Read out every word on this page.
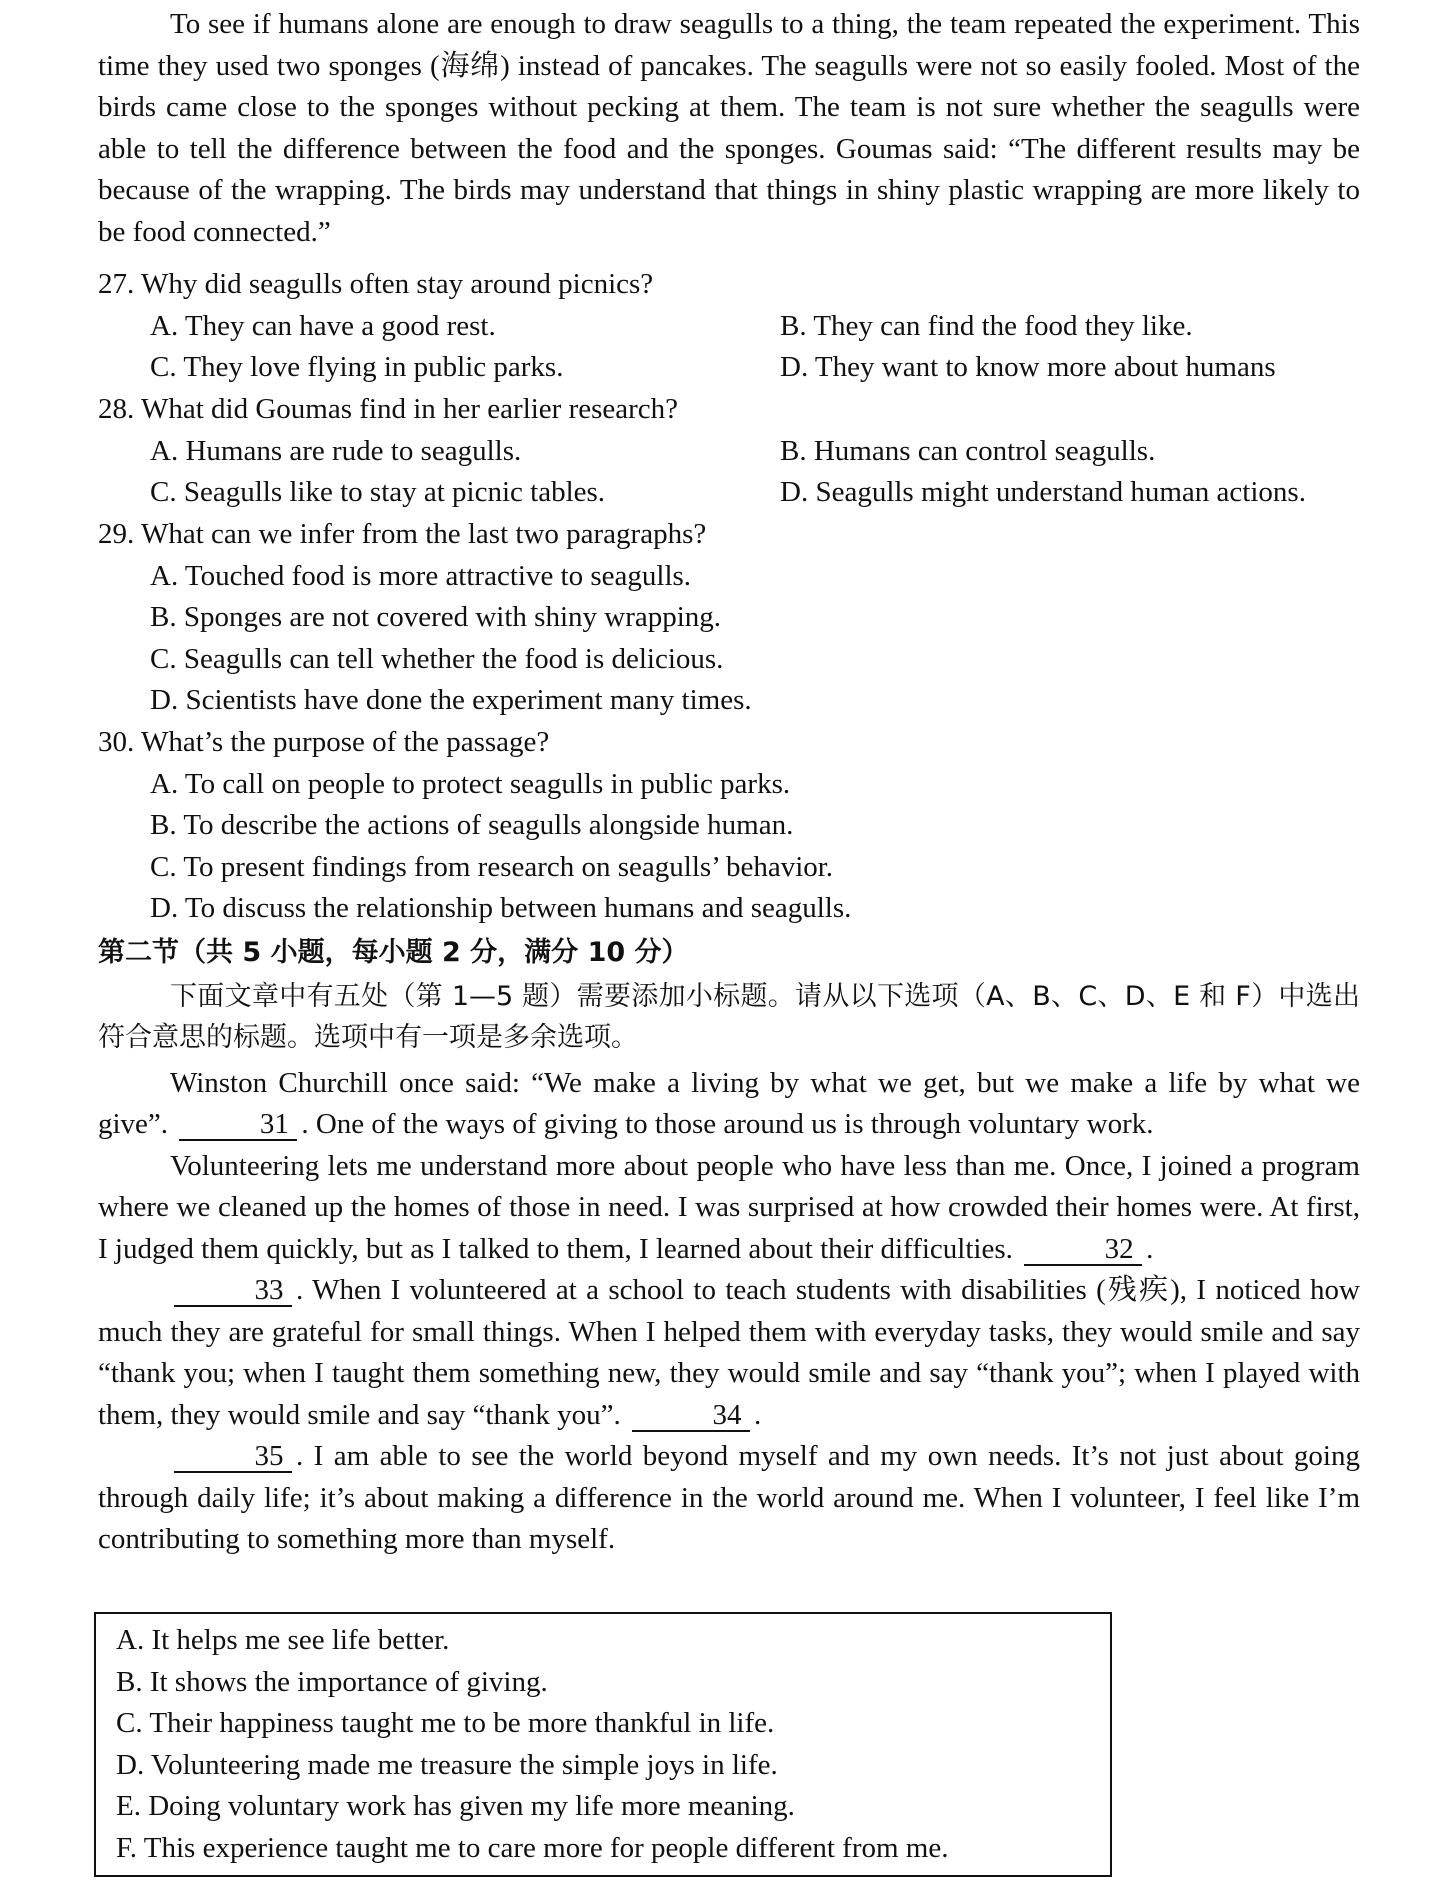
To see if humans alone are enough to draw seagulls to a thing, the team repeated the experiment. This time they used two sponges (海绵) instead of pancakes. The seagulls were not so easily fooled. Most of the birds came close to the sponges without pecking at them. The team is not sure whether the seagulls were able to tell the difference between the food and the sponges. Goumas said: “The different results may be because of the wrapping. The birds may understand that things in shiny plastic wrapping are more likely to be food connected.”

27. Why did seagulls often stay around picnics?
A. They can have a good rest.	B. They can find the food they like.
C. They love flying in public parks.	D. They want to know more about humans
28. What did Goumas find in her earlier research?
A. Humans are rude to seagulls.	B. Humans can control seagulls.
C. Seagulls like to stay at picnic tables.	D. Seagulls might understand human actions.
29. What can we infer from the last two paragraphs?
A. Touched food is more attractive to seagulls.
B. Sponges are not covered with shiny wrapping.
C. Seagulls can tell whether the food is delicious.
D. Scientists have done the experiment many times.
30. What’s the purpose of the passage?
A. To call on people to protect seagulls in public parks.
B. To describe the actions of seagulls alongside human.
C. To present findings from research on seagulls’ behavior.
D. To discuss the relationship between humans and seagulls.
第二节（共 5 小题，每小题 2 分，满分 10 分）

下面文章中有五处（第 1—5 题）需要添加小标题。请从以下选项（A、B、C、D、E 和 F）中选出符合意思的标题。选项中有一项是多余选项。

Winston Churchill once said: “We make a living by what we get, but we make a life by what we give”.	31 . One of the ways of giving to those around us is through voluntary work.

Volunteering lets me understand more about people who have less than me. Once, I joined a program where we cleaned up the homes of those in need. I was surprised at how crowded their homes were. At first, I judged them quickly, but as I talked to them, I learned about their difficulties.	32 .

33 . When I volunteered at a school to teach students with disabilities (残疾), I noticed how much they are grateful for small things. When I helped them with everyday tasks, they would smile and say “thank you; when I taught them something new, they would smile and say “thank you”; when I played with them, they would smile and say “thank you”.	34 .

35 . I am able to see the world beyond myself and my own needs. It’s not just about going through daily life; it’s about making a difference in the world around me. When I volunteer, I feel like I’m contributing to something more than myself.

A. It helps me see life better.
B. It shows the importance of giving.
C. Their happiness taught me to be more thankful in life.
D. Volunteering made me treasure the simple joys in life.
E. Doing voluntary work has given my life more meaning.
F. This experience taught me to care more for people different from me.
